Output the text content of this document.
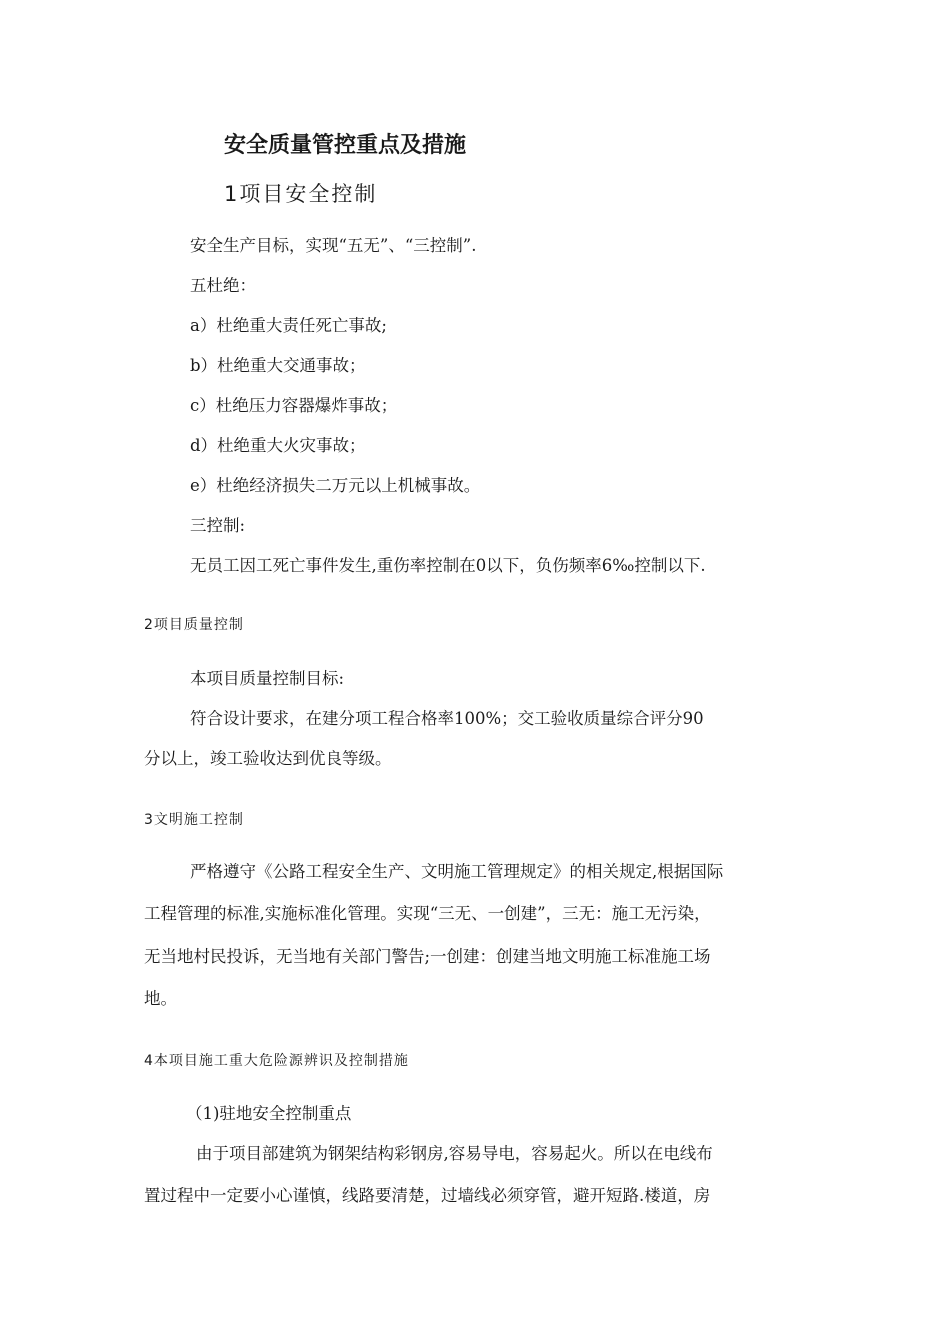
安全质量管控重点及措施

1项目安全控制

安全生产目标，实现“五无”、“三控制”.

五杜绝：

a）杜绝重大责任死亡事故;

b）杜绝重大交通事故；

c）杜绝压力容器爆炸事故；

d）杜绝重大火灾事故；

e）杜绝经济损失二万元以上机械事故。

三控制:

无员工因工死亡事件发生,重伤率控制在0以下，负伤频率6‰控制以下.

2项目质量控制

本项目质量控制目标:

符合设计要求，在建分项工程合格率100%；交工验收质量综合评分90

分以上，竣工验收达到优良等级。

3文明施工控制

严格遵守《公路工程安全生产、文明施工管理规定》的相关规定,根据国际

工程管理的标准,实施标准化管理。实现“三无、一创建”，三无：施工无污染，

无当地村民投诉，无当地有关部门警告;一创建：创建当地文明施工标准施工场

地。

4本项目施工重大危险源辨识及控制措施

（1)驻地安全控制重点

由于项目部建筑为钢架结构彩钢房,容易导电，容易起火。所以在电线布

置过程中一定要小心谨慎，线路要清楚，过墙线必须穿管，避开短路.楼道，房
